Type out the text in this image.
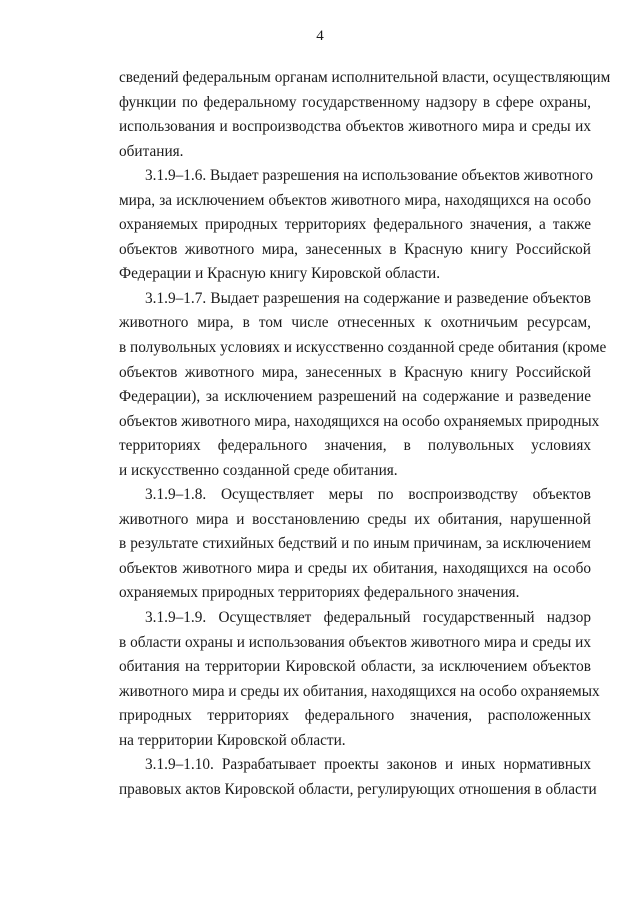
4
сведений федеральным органам исполнительной власти, осуществляющим
функции по федеральному государственному надзору в сфере охраны,
использования и воспроизводства объектов животного мира и среды их
обитания.
3.1.9–1.6. Выдает разрешения на использование объектов животного
мира, за исключением объектов животного мира, находящихся на особо
охраняемых природных территориях федерального значения, а также
объектов животного мира, занесенных в Красную книгу Российской
Федерации и Красную книгу Кировской области.
3.1.9–1.7. Выдает разрешения на содержание и разведение объектов
животного мира, в том числе отнесенных к охотничьим ресурсам,
в полувольных условиях и искусственно созданной среде обитания (кроме
объектов животного мира, занесенных в Красную книгу Российской
Федерации), за исключением разрешений на содержание и разведение
объектов животного мира, находящихся на особо охраняемых природных
территориях федерального значения, в полувольных условиях
и искусственно созданной среде обитания.
3.1.9–1.8. Осуществляет меры по воспроизводству объектов
животного мира и восстановлению среды их обитания, нарушенной
в результате стихийных бедствий и по иным причинам, за исключением
объектов животного мира и среды их обитания, находящихся на особо
охраняемых природных территориях федерального значения.
3.1.9–1.9. Осуществляет федеральный государственный надзор
в области охраны и использования объектов животного мира и среды их
обитания на территории Кировской области, за исключением объектов
животного мира и среды их обитания, находящихся на особо охраняемых
природных территориях федерального значения, расположенных
на территории Кировской области.
3.1.9–1.10. Разрабатывает проекты законов и иных нормативных
правовых актов Кировской области, регулирующих отношения в области
